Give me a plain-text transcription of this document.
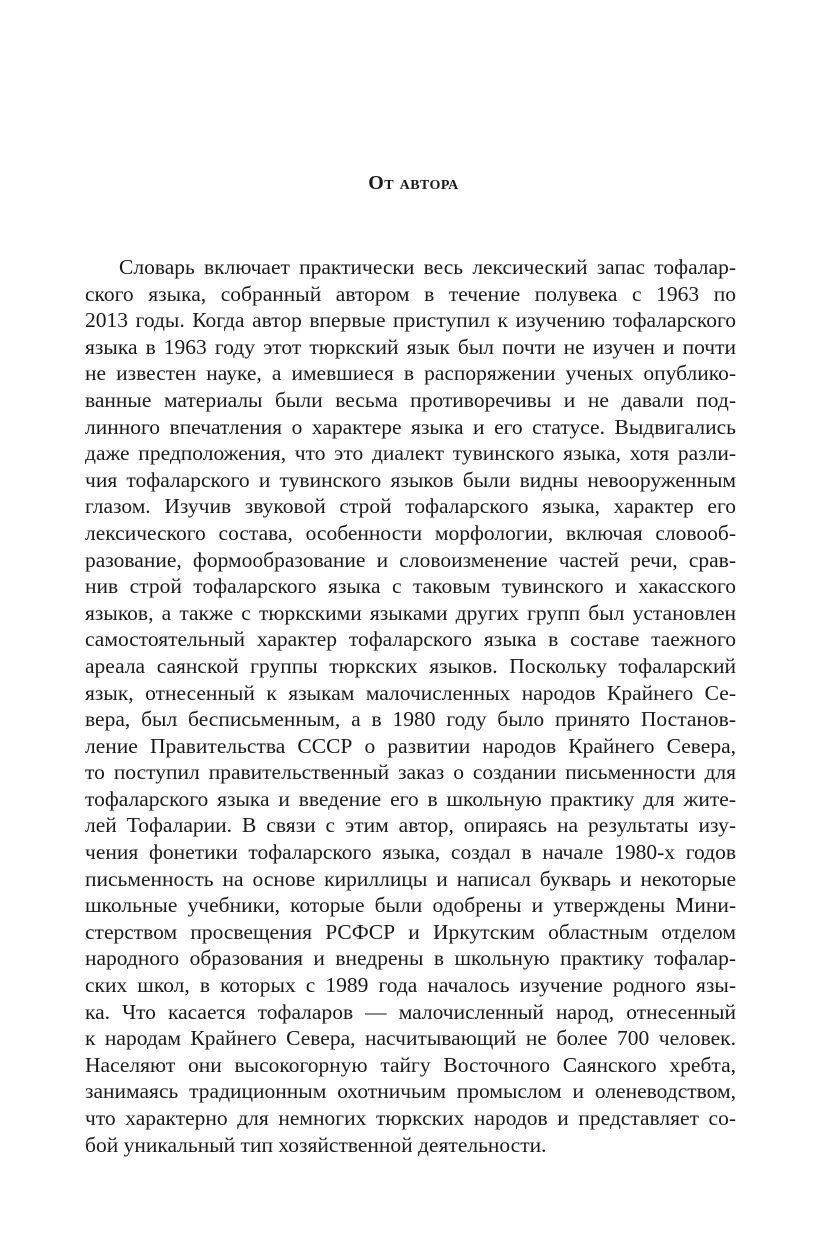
От автора
Словарь включает практически весь лексический запас тофалар-
ского языка, собранный автором в течение полувека с 1963 по
2013 годы. Когда автор впервые приступил к изучению тофаларского
языка в 1963 году этот тюркский язык был почти не изучен и почти
не известен науке, а имевшиеся в распоряжении ученых опублико-
ванные материалы были весьма противоречивы и не давали под-
линного впечатления о характере языка и его статусе. Выдвигались
даже предположения, что это диалект тувинского языка, хотя разли-
чия тофаларского и тувинского языков были видны невооруженным
глазом. Изучив звуковой строй тофаларского языка, характер его
лексического состава, особенности морфологии, включая словооб-
разование, формообразование и словоизменение частей речи, срав-
нив строй тофаларского языка с таковым тувинского и хакасского
языков, а также с тюркскими языками других групп был установлен
самостоятельный характер тофаларского языка в составе таежного
ареала саянской группы тюркских языков. Поскольку тофаларский
язык, отнесенный к языкам малочисленных народов Крайнего Се-
вера, был бесписьменным, а в 1980 году было принято Постанов-
ление Правительства СССР о развитии народов Крайнего Севера,
то поступил правительственный заказ о создании письменности для
тофаларского языка и введение его в школьную практику для жите-
лей Тофаларии. В связи с этим автор, опираясь на результаты изу-
чения фонетики тофаларского языка, создал в начале 1980-х годов
письменность на основе кириллицы и написал букварь и некоторые
школьные учебники, которые были одобрены и утверждены Мини-
стерством просвещения РСФСР и Иркутским областным отделом
народного образования и внедрены в школьную практику тофалар-
ских школ, в которых с 1989 года началось изучение родного язы-
ка. Что касается тофаларов — малочисленный народ, отнесенный
к народам Крайнего Севера, насчитывающий не более 700 человек.
Населяют они высокогорную тайгу Восточного Саянского хребта,
занимаясь традиционным охотничьим промыслом и оленеводством,
что характерно для немногих тюркских народов и представляет со-
бой уникальный тип хозяйственной деятельности.
